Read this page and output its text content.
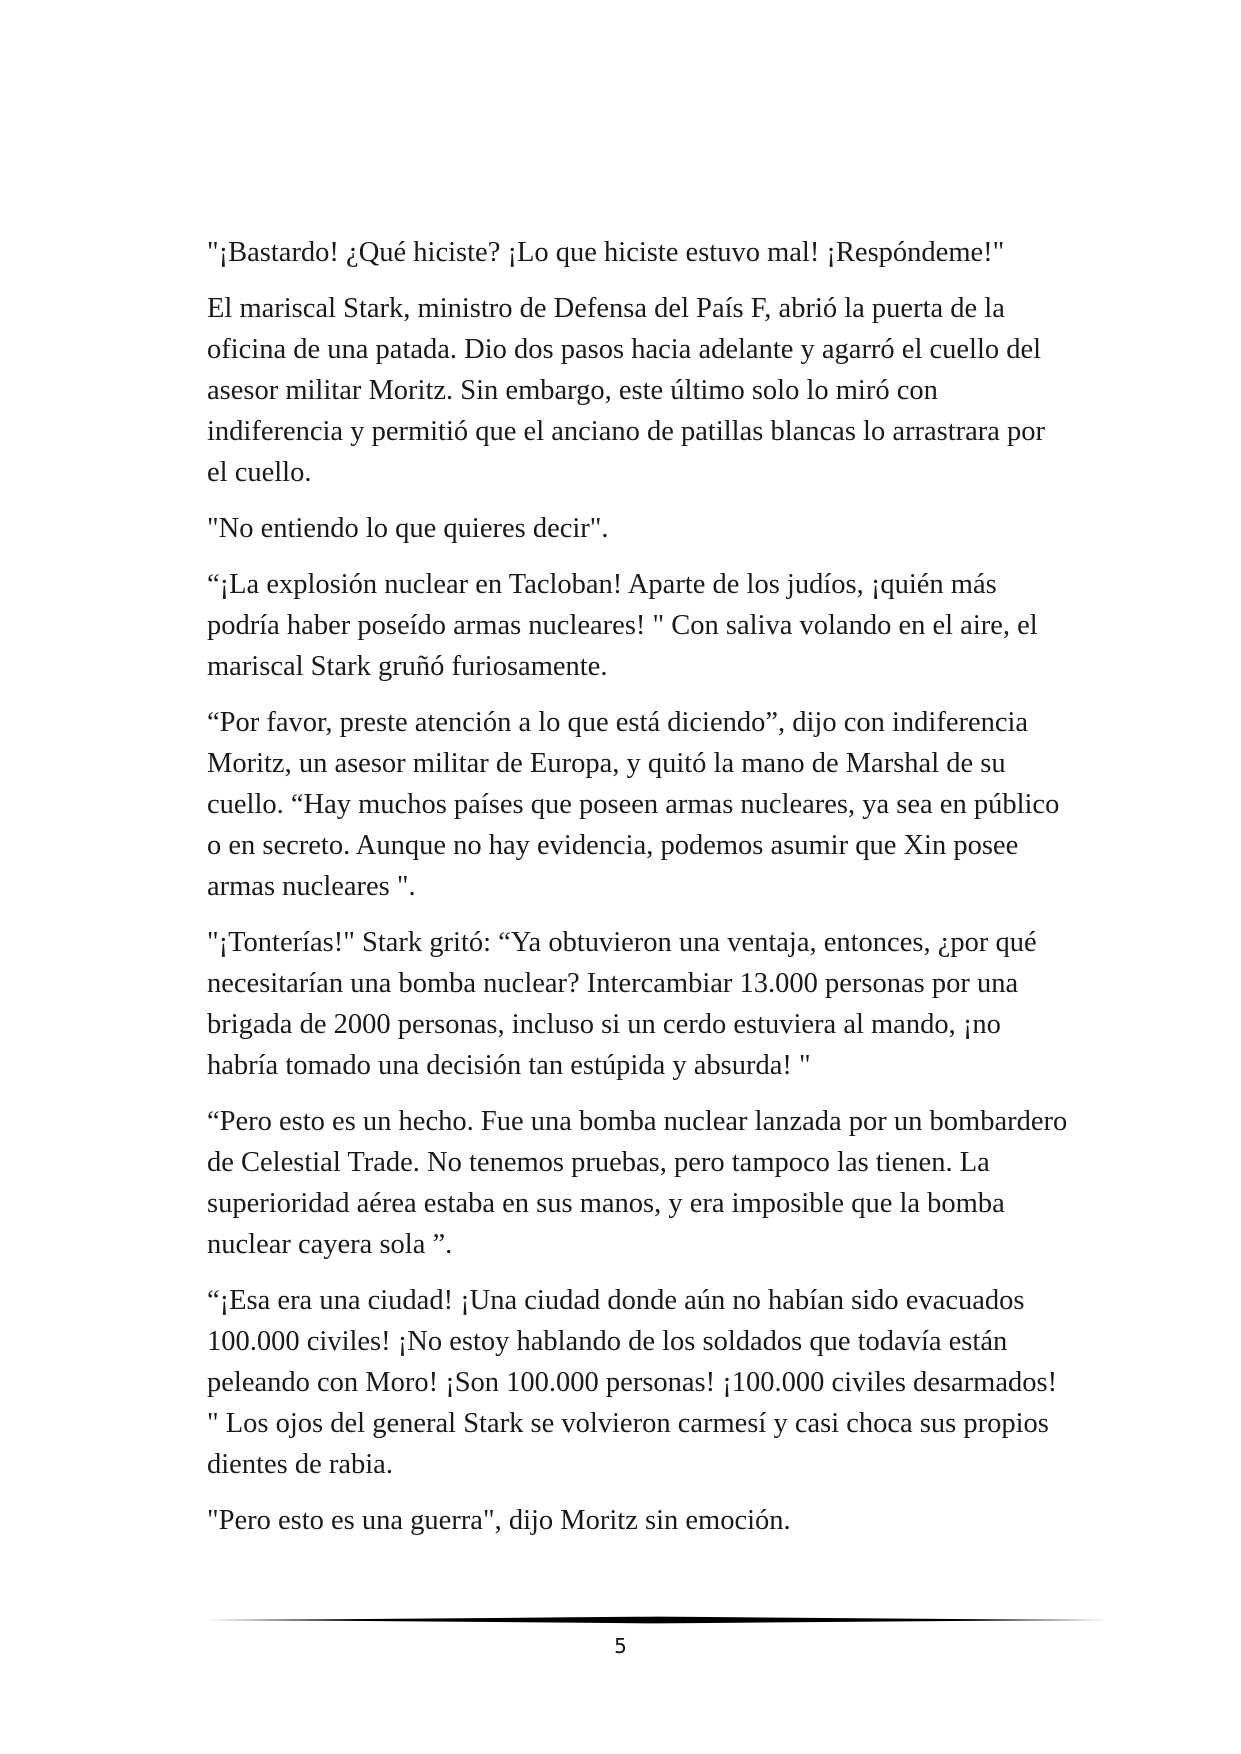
"¡Bastardo! ¿Qué hiciste? ¡Lo que hiciste estuvo mal! ¡Respóndeme!"

El mariscal Stark, ministro de Defensa del País F, abrió la puerta de la oficina de una patada. Dio dos pasos hacia adelante y agarró el cuello del asesor militar Moritz. Sin embargo, este último solo lo miró con indiferencia y permitió que el anciano de patillas blancas lo arrastrara por el cuello.

"No entiendo lo que quieres decir".

“¡La explosión nuclear en Tacloban! Aparte de los judíos, ¡quién más podría haber poseído armas nucleares! " Con saliva volando en el aire, el mariscal Stark gruñó furiosamente.

“Por favor, preste atención a lo que está diciendo”, dijo con indiferencia Moritz, un asesor militar de Europa, y quitó la mano de Marshal de su cuello. “Hay muchos países que poseen armas nucleares, ya sea en público o en secreto. Aunque no hay evidencia, podemos asumir que Xin posee armas nucleares ".

"¡Tonterías!" Stark gritó: “Ya obtuvieron una ventaja, entonces, ¿por qué necesitarían una bomba nuclear? Intercambiar 13.000 personas por una brigada de 2000 personas, incluso si un cerdo estuviera al mando, ¡no habría tomado una decisión tan estúpida y absurda! "

“Pero esto es un hecho. Fue una bomba nuclear lanzada por un bombardero de Celestial Trade. No tenemos pruebas, pero tampoco las tienen. La superioridad aérea estaba en sus manos, y era imposible que la bomba nuclear cayera sola ”.

“¡Esa era una ciudad! ¡Una ciudad donde aún no habían sido evacuados 100.000 civiles! ¡No estoy hablando de los soldados que todavía están peleando con Moro! ¡Son 100.000 personas! ¡100.000 civiles desarmados! " Los ojos del general Stark se volvieron carmesí y casi choca sus propios dientes de rabia.

"Pero esto es una guerra", dijo Moritz sin emoción.

5
